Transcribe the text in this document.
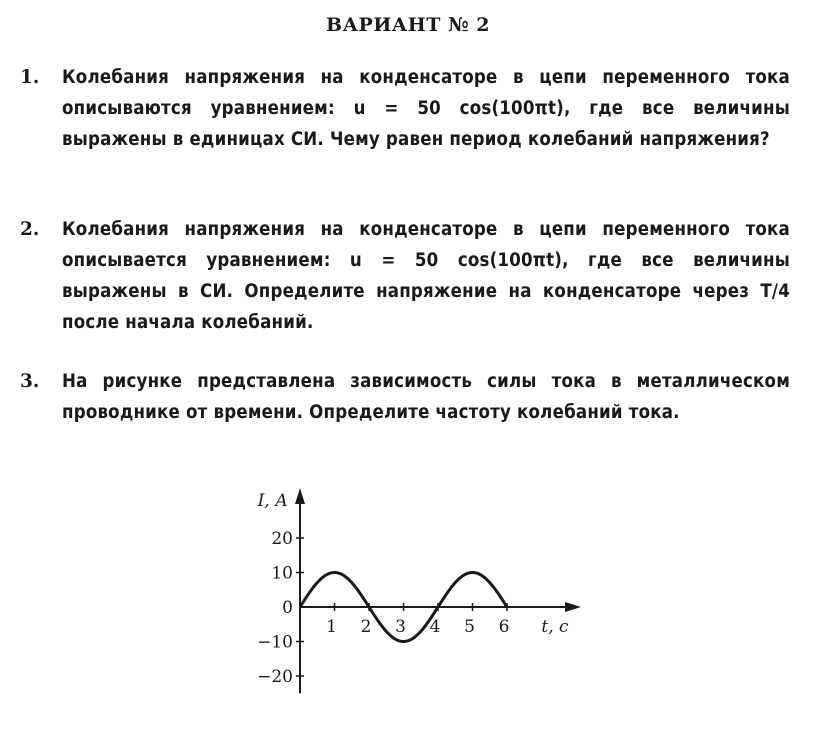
ВАРИАНТ № 2
1.	Колебания напряжения на конденсаторе в цепи переменного тока описываются уравнением: u = 50 cos(100πt), где все величины выражены в единицах СИ. Чему равен период колебаний напряжения?
2.	Колебания напряжения на конденсаторе в цепи переменного тока описывается уравнением: u = 50 cos(100πt), где все величины выражены в СИ. Определите напряжение на конденсаторе через T/4 после начала колебаний.
3.	На рисунке представлена зависимость силы тока в металлическом проводнике от времени. Определите частоту колебаний тока.
20
10
0
−10
−20
1 2 3 4 5 6
I, А
t, с
